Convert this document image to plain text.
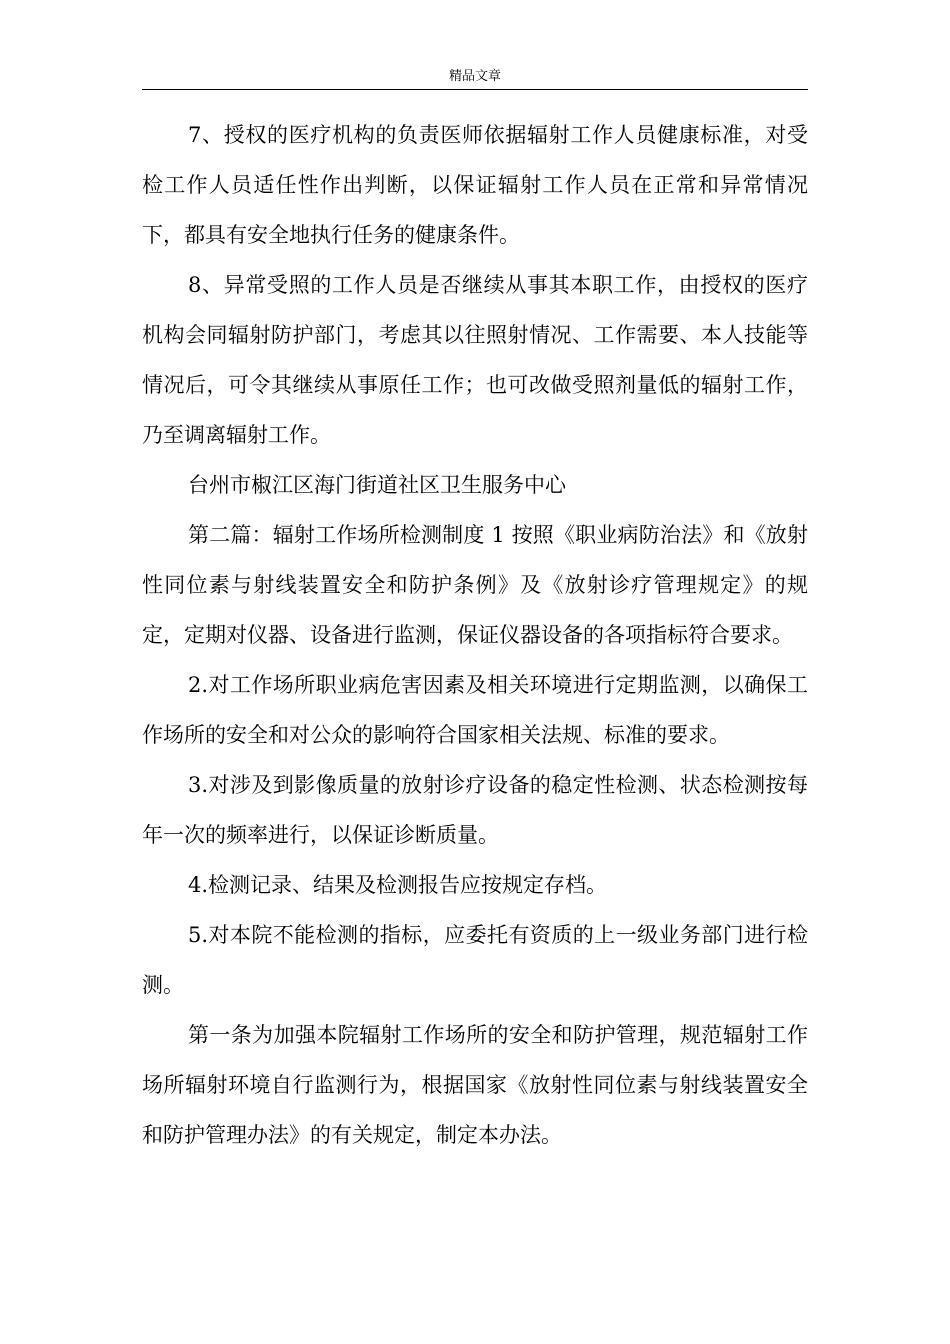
精品文章

7、授权的医疗机构的负责医师依据辐射工作人员健康标准，对受检工作人员适任性作出判断，以保证辐射工作人员在正常和异常情况下，都具有安全地执行任务的健康条件。

8、异常受照的工作人员是否继续从事其本职工作，由授权的医疗机构会同辐射防护部门，考虑其以往照射情况、工作需要、本人技能等情况后，可令其继续从事原任工作；也可改做受照剂量低的辐射工作，乃至调离辐射工作。

台州市椒江区海门街道社区卫生服务中心

第二篇：辐射工作场所检测制度 1 按照《职业病防治法》和《放射性同位素与射线装置安全和防护条例》及《放射诊疗管理规定》的规定，定期对仪器、设备进行监测，保证仪器设备的各项指标符合要求。

2.对工作场所职业病危害因素及相关环境进行定期监测，以确保工作场所的安全和对公众的影响符合国家相关法规、标准的要求。

3.对涉及到影像质量的放射诊疗设备的稳定性检测、状态检测按每年一次的频率进行，以保证诊断质量。

4.检测记录、结果及检测报告应按规定存档。

5.对本院不能检测的指标，应委托有资质的上一级业务部门进行检测。

第一条为加强本院辐射工作场所的安全和防护管理，规范辐射工作场所辐射环境自行监测行为，根据国家《放射性同位素与射线装置安全和防护管理办法》的有关规定，制定本办法。
